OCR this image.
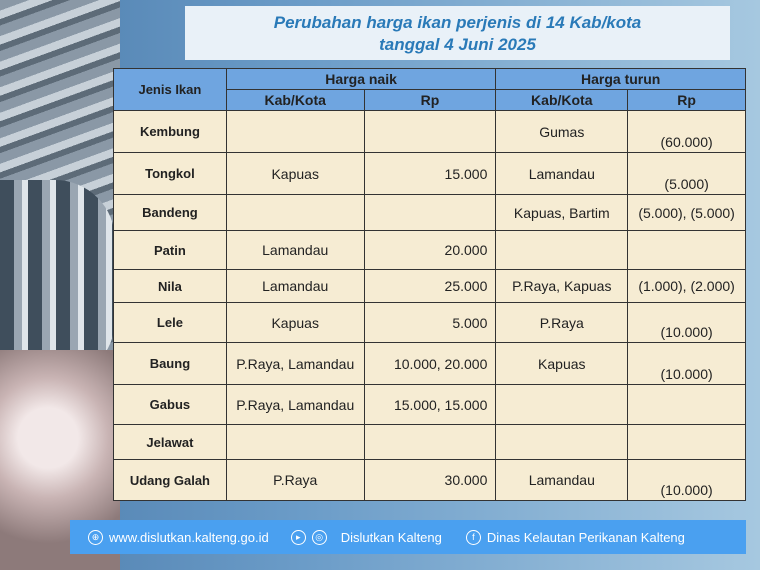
Perubahan harga ikan perjenis di 14 Kab/kota
tanggal 4 Juni 2025
Jenis Ikan	Harga naik		Harga turun	
	Kab/Kota	Rp	Kab/Kota	Rp
Kembung			Gumas	(60.000)
Tongkol	Kapuas	15.000	Lamandau	(5.000)
Bandeng			Kapuas, Bartim	(5.000), (5.000)
Patin	Lamandau	20.000		
Nila	Lamandau	25.000	P.Raya, Kapuas	(1.000), (2.000)
Lele	Kapuas	5.000	P.Raya	(10.000)
Baung	P.Raya, Lamandau	10.000, 20.000	Kapuas	(10.000)
Gabus	P.Raya, Lamandau	15.000, 15.000		
Jelawat				
Udang Galah	P.Raya	30.000	Lamandau	(10.000)
⊕ www.dislutkan.kalteng.go.id	▸	◎ Dislutkan Kalteng	f Dinas Kelautan Perikanan Kalteng
